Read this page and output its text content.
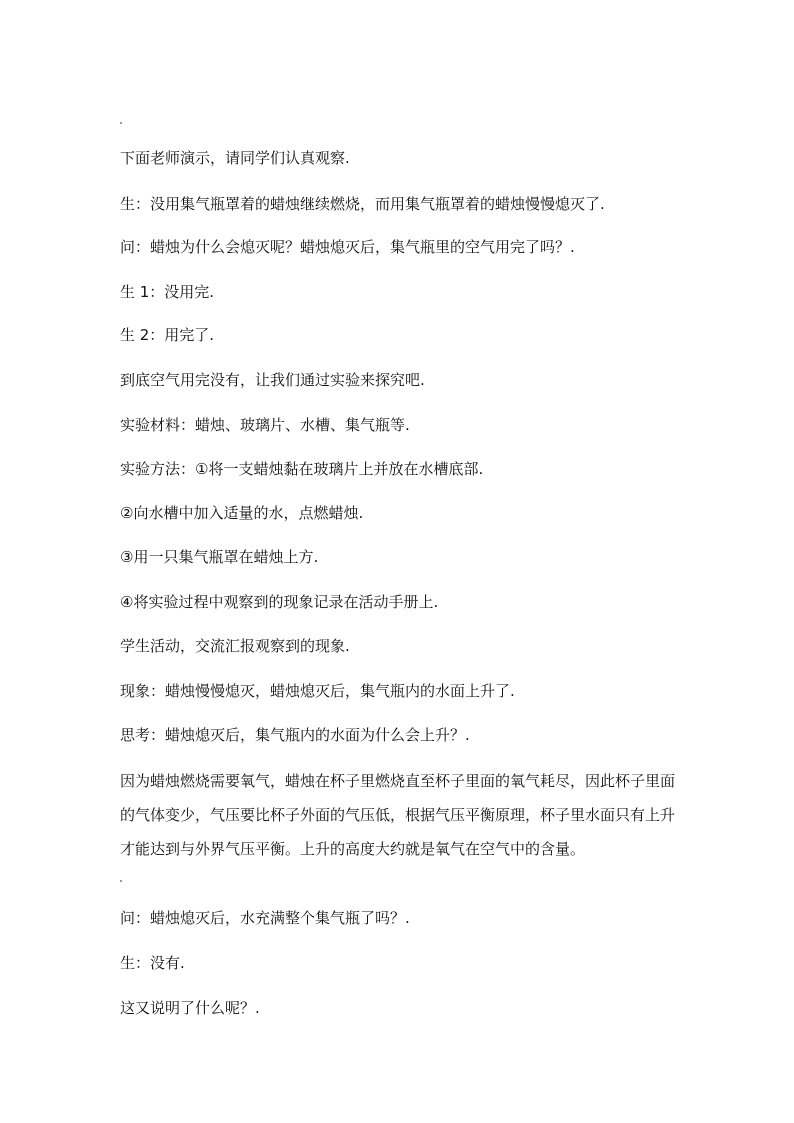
下面老师演示，请同学们认真观察.
生：没用集气瓶罩着的蜡烛继续燃烧，而用集气瓶罩着的蜡烛慢慢熄灭了.
问：蜡烛为什么会熄灭呢？蜡烛熄灭后，集气瓶里的空气用完了吗？.
生 1：没用完.
生 2：用完了.
到底空气用完没有，让我们通过实验来探究吧.
实验材料：蜡烛、玻璃片、水槽、集气瓶等.
实验方法：①将一支蜡烛黏在玻璃片上并放在水槽底部.
②向水槽中加入适量的水，点燃蜡烛.
③用一只集气瓶罩在蜡烛上方.
④将实验过程中观察到的现象记录在活动手册上.
学生活动，交流汇报观察到的现象.
现象：蜡烛慢慢熄灭，蜡烛熄灭后，集气瓶内的水面上升了.
思考：蜡烛熄灭后，集气瓶内的水面为什么会上升？.
因为蜡烛燃烧需要氧气，蜡烛在杯子里燃烧直至杯子里面的氧气耗尽，因此杯子里面的气体变少，气压要比杯子外面的气压低，根据气压平衡原理，杯子里水面只有上升才能达到与外界气压平衡。上升的高度大约就是氧气在空气中的含量。
问：蜡烛熄灭后，水充满整个集气瓶了吗？.
生：没有.
这又说明了什么呢？.
